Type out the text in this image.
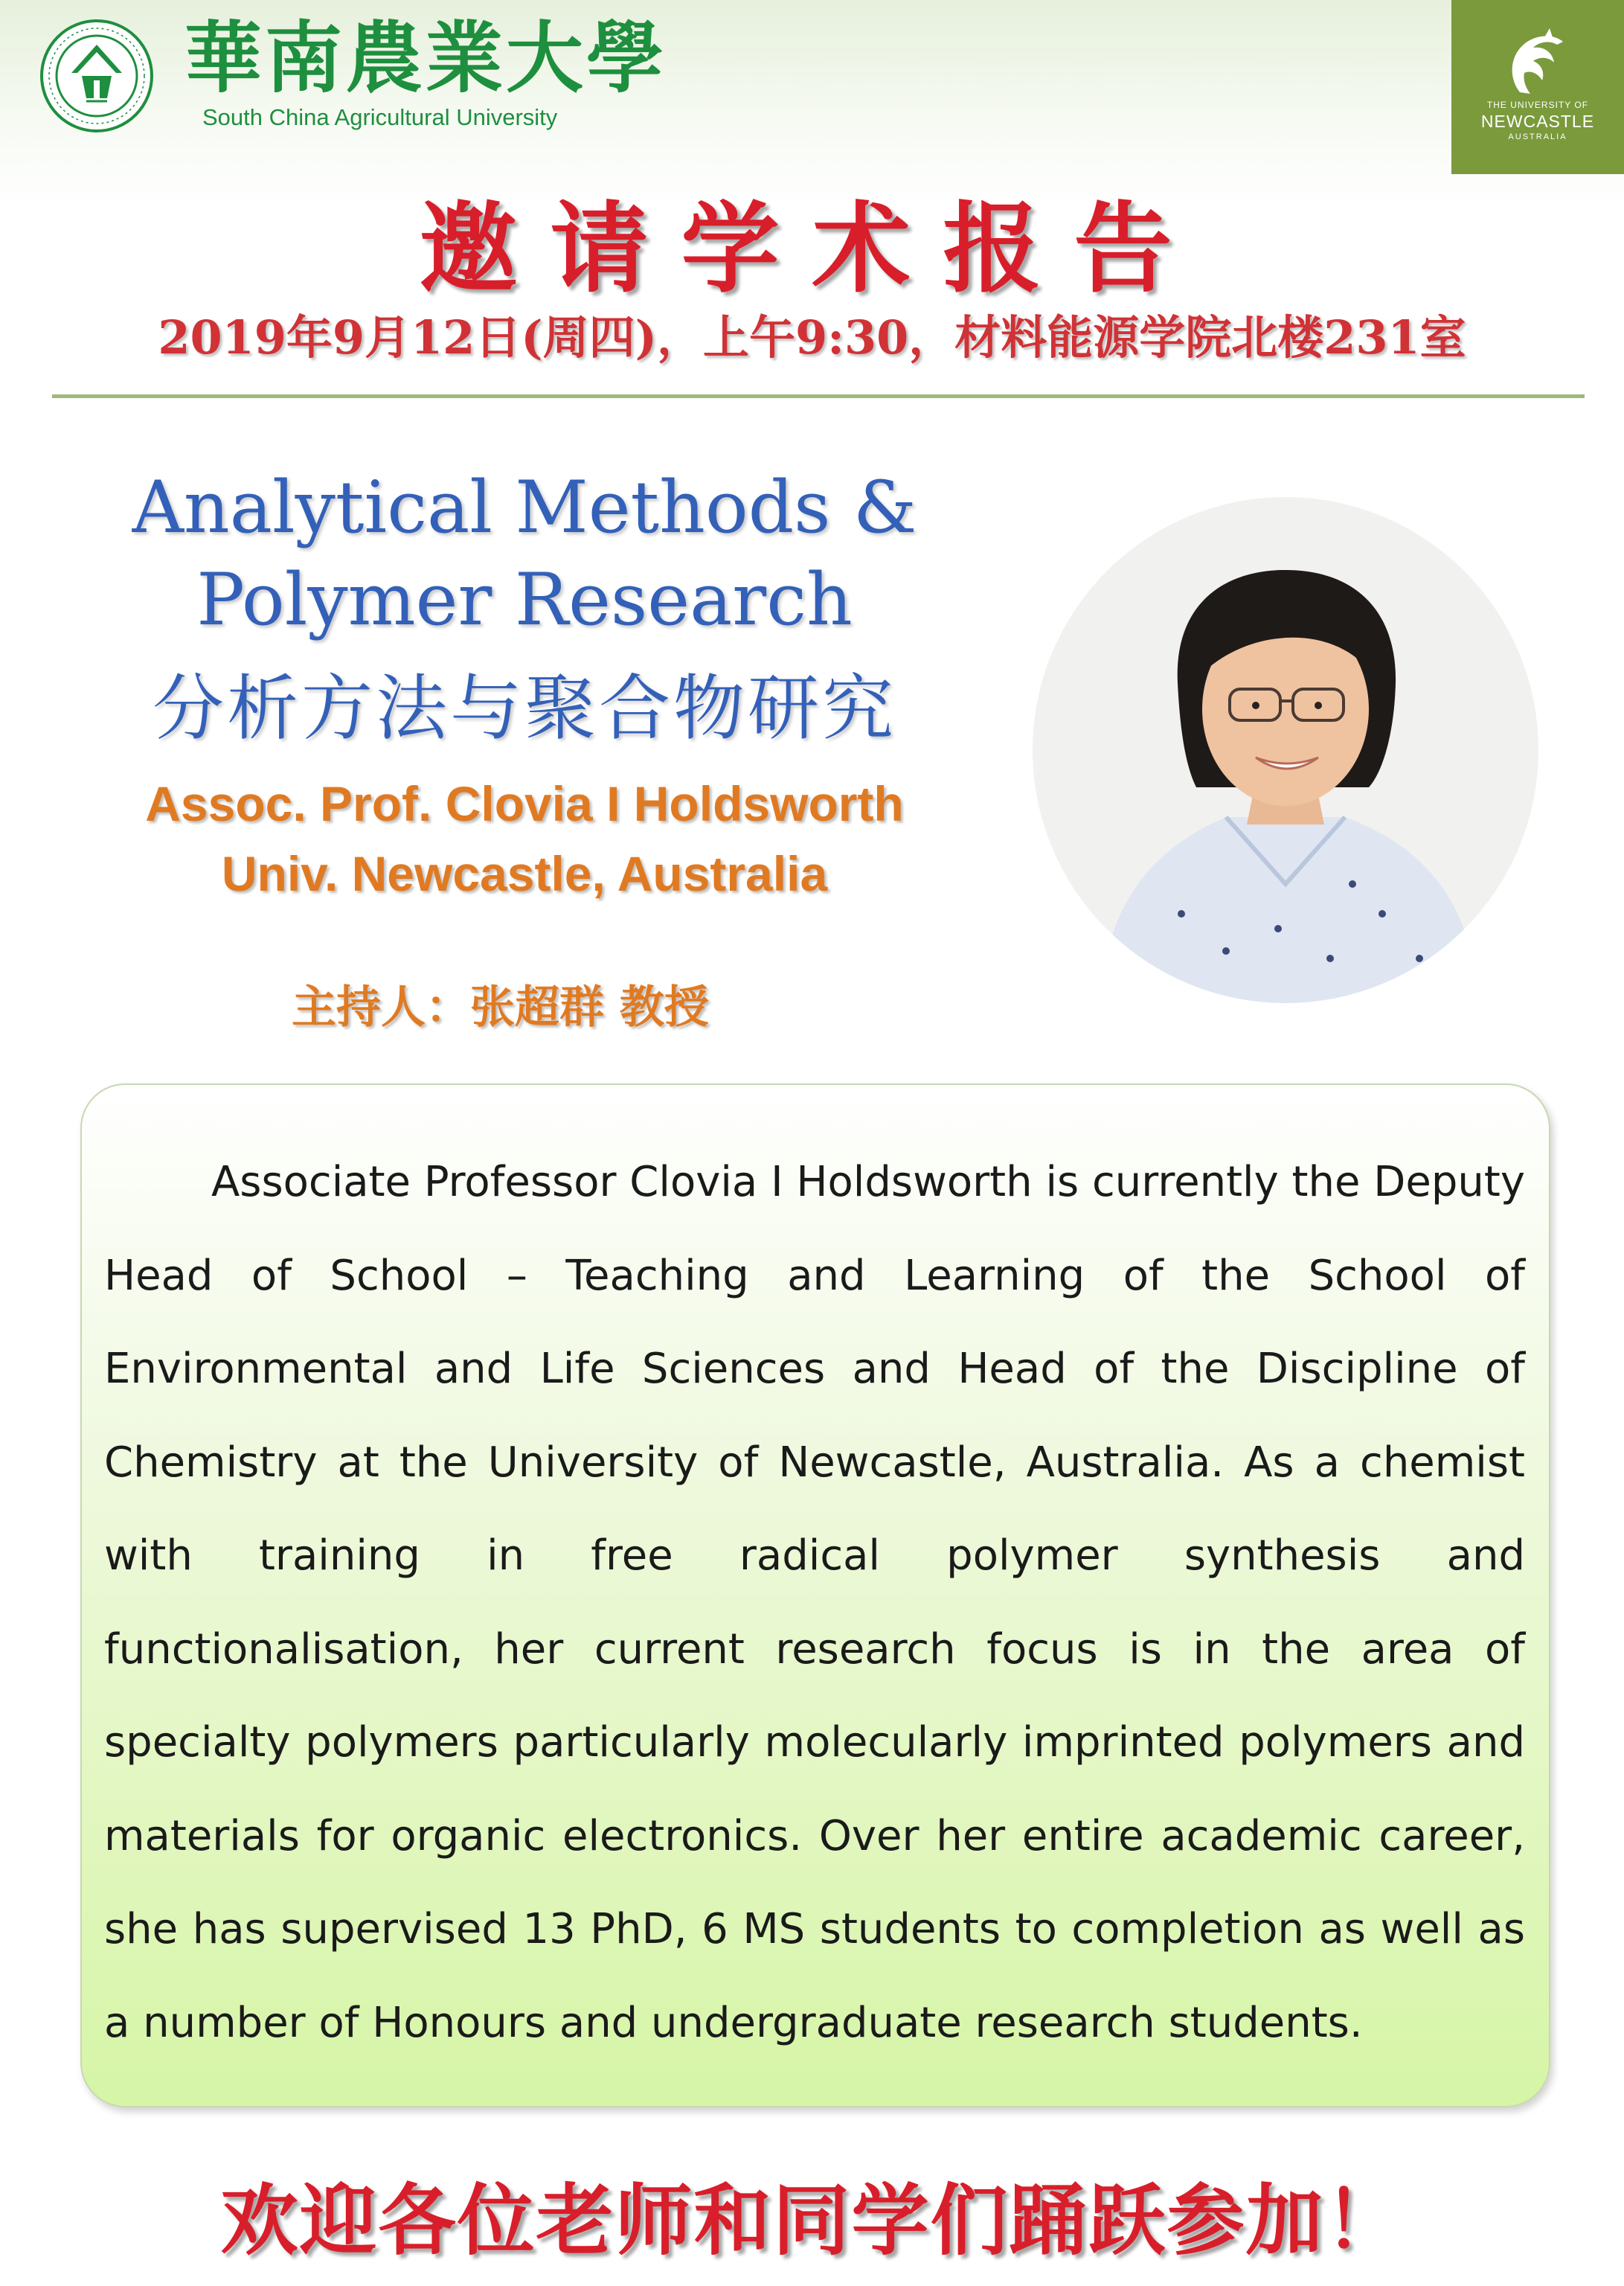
華南農業大學
South China Agricultural University	THE UNIVERSITY OF
NEWCASTLE
AUSTRALIA
邀请学术报告
2019年9月12日(周四)，上午9:30，材料能源学院北楼231室
Analytical Methods &
Polymer Research
分析方法与聚合物研究
Assoc. Prof. Clovia I Holdsworth
Univ. Newcastle, Australia
主持人：张超群 教授

Associate Professor Clovia I Holdsworth is currently the Deputy Head of School – Teaching and Learning of the School of Environmental and Life Sciences and Head of the Discipline of Chemistry at the University of Newcastle, Australia. As a chemist with training in free radical polymer synthesis and functionalisation, her current research focus is in the area of specialty polymers particularly molecularly imprinted polymers and materials for organic electronics. Over her entire academic career, she has supervised 13 PhD, 6 MS students to completion as well as a number of Honours and undergraduate research students.

欢迎各位老师和同学们踊跃参加！
